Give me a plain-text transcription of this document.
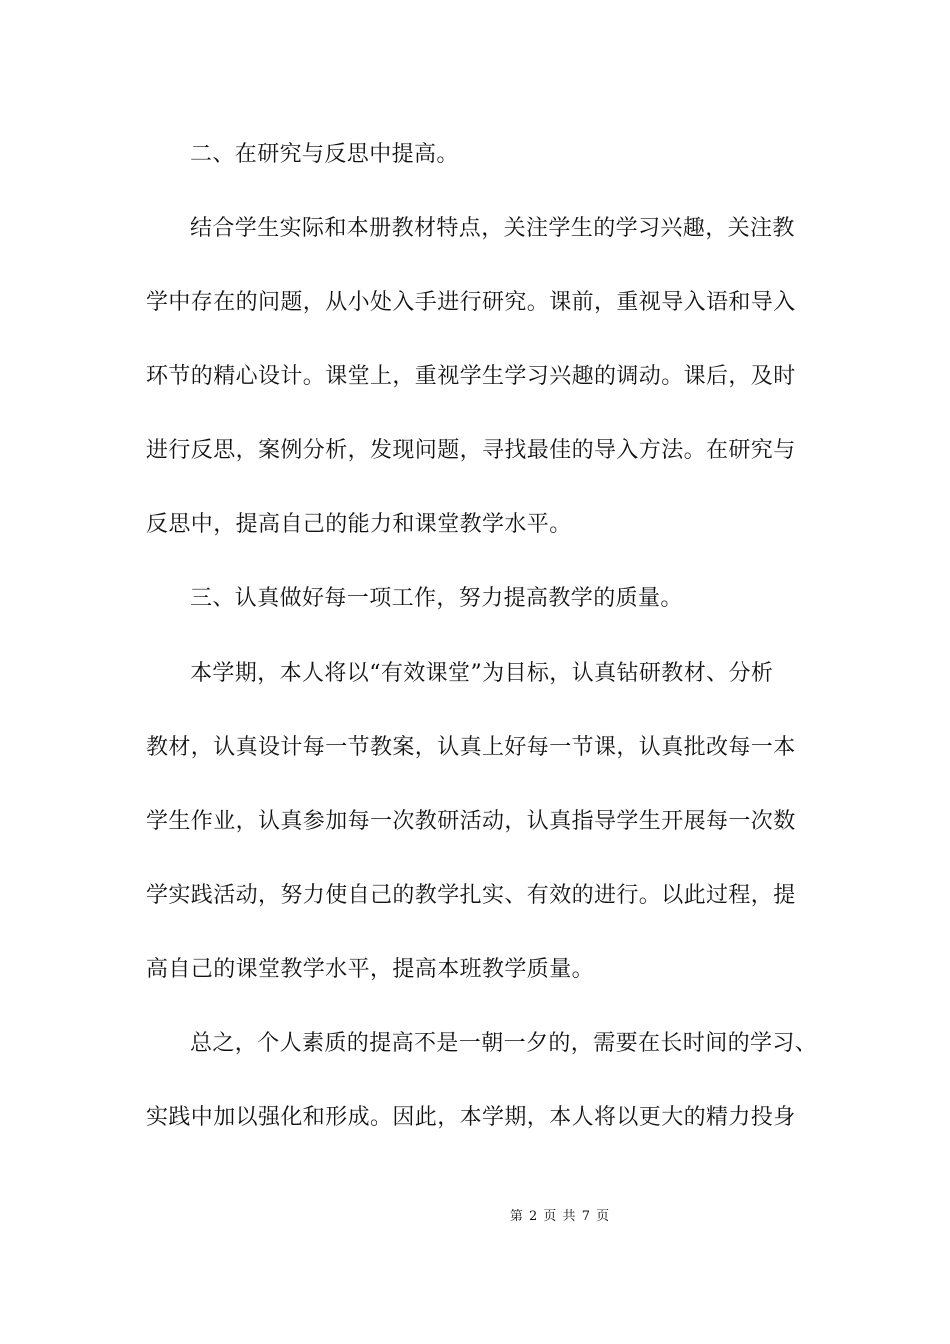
二、在研究与反思中提高。
结合学生实际和本册教材特点，关注学生的学习兴趣，关注教
学中存在的问题，从小处入手进行研究。课前，重视导入语和导入
环节的精心设计。课堂上，重视学生学习兴趣的调动。课后，及时
进行反思，案例分析，发现问题，寻找最佳的导入方法。在研究与
反思中，提高自己的能力和课堂教学水平。
三、认真做好每一项工作，努力提高教学的质量。
本学期，本人将以“有效课堂”为目标，认真钻研教材、分析
教材，认真设计每一节教案，认真上好每一节课，认真批改每一本
学生作业，认真参加每一次教研活动，认真指导学生开展每一次数
学实践活动，努力使自己的教学扎实、有效的进行。以此过程，提
高自己的课堂教学水平，提高本班教学质量。
总之，个人素质的提高不是一朝一夕的，需要在长时间的学习、
实践中加以强化和形成。因此，本学期，本人将以更大的精力投身
第 2 页 共 7 页
